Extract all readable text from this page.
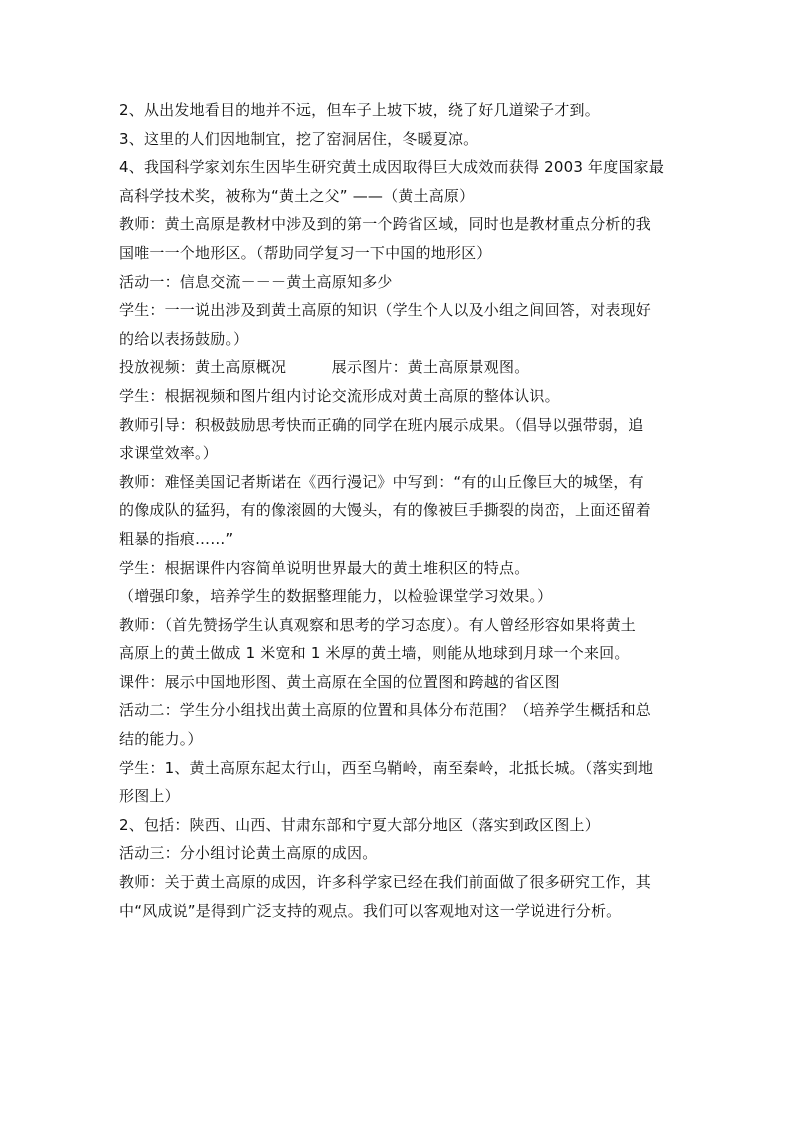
2、从出发地看目的地并不远，但车子上坡下坡，绕了好几道梁子才到。
3、这里的人们因地制宜，挖了窑洞居住，冬暖夏凉。
4、我国科学家刘东生因毕生研究黄土成因取得巨大成效而获得 2003 年度国家最
高科学技术奖，被称为“黄土之父” ——（黄土高原）
教师：黄土高原是教材中涉及到的第一个跨省区域，同时也是教材重点分析的我
国唯一一个地形区。（帮助同学复习一下中国的地形区）
活动一：信息交流－－－黄土高原知多少
学生：一一说出涉及到黄土高原的知识（学生个人以及小组之间回答，对表现好
的给以表扬鼓励。）
投放视频：黄土高原概况　　　展示图片：黄土高原景观图。
学生：根据视频和图片组内讨论交流形成对黄土高原的整体认识。
教师引导：积极鼓励思考快而正确的同学在班内展示成果。（倡导以强带弱，追
求课堂效率。）
教师：难怪美国记者斯诺在《西行漫记》中写到：“有的山丘像巨大的城堡，有
的像成队的猛犸，有的像滚圆的大馒头，有的像被巨手撕裂的岗峦，上面还留着
粗暴的指痕……”
学生：根据课件内容简单说明世界最大的黄土堆积区的特点。
（增强印象，培养学生的数据整理能力，以检验课堂学习效果。）
教师：（首先赞扬学生认真观察和思考的学习态度）。有人曾经形容如果将黄土
高原上的黄土做成 1 米宽和 1 米厚的黄土墙，则能从地球到月球一个来回。
课件：展示中国地形图、黄土高原在全国的位置图和跨越的省区图
活动二：学生分小组找出黄土高原的位置和具体分布范围？（培养学生概括和总
结的能力。）
学生：1、黄土高原东起太行山，西至乌鞘岭，南至秦岭，北抵长城。（落实到地
形图上）
2、包括：陕西、山西、甘肃东部和宁夏大部分地区（落实到政区图上）
活动三：分小组讨论黄土高原的成因。
教师：关于黄土高原的成因，许多科学家已经在我们前面做了很多研究工作，其
中“风成说”是得到广泛支持的观点。我们可以客观地对这一学说进行分析。
